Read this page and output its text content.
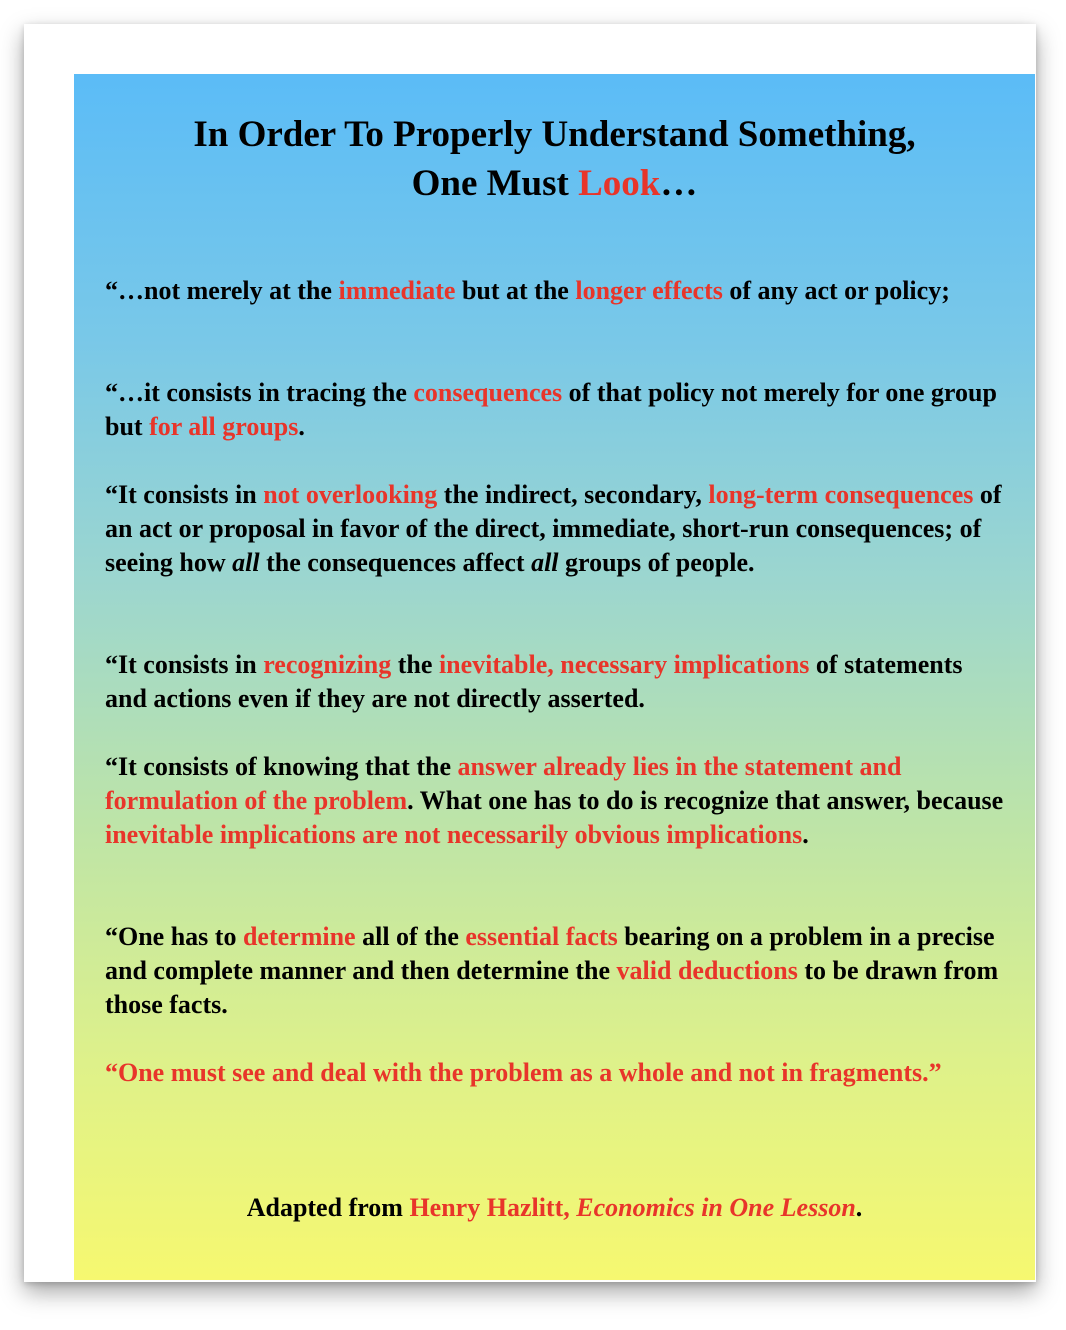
In Order To Properly Understand Something,
One Must Look…

“…not merely at the immediate but at the longer effects of any act or policy;

“…it consists in tracing the consequences of that policy not merely for one group but for all groups.

“It consists in not overlooking the indirect, secondary, long-term consequences of an act or proposal in favor of the direct, immediate, short-run consequences; of seeing how all the consequences affect all groups of people.

“It consists in recognizing the inevitable, necessary implications of statements and actions even if they are not directly asserted.

“It consists of knowing that the answer already lies in the statement and formulation of the problem. What one has to do is recognize that answer, because inevitable implications are not necessarily obvious implications.

“One has to determine all of the essential facts bearing on a problem in a precise and complete manner and then determine the valid deductions to be drawn from those facts.

“One must see and deal with the problem as a whole and not in fragments.”

Adapted from Henry Hazlitt, Economics in One Lesson.
